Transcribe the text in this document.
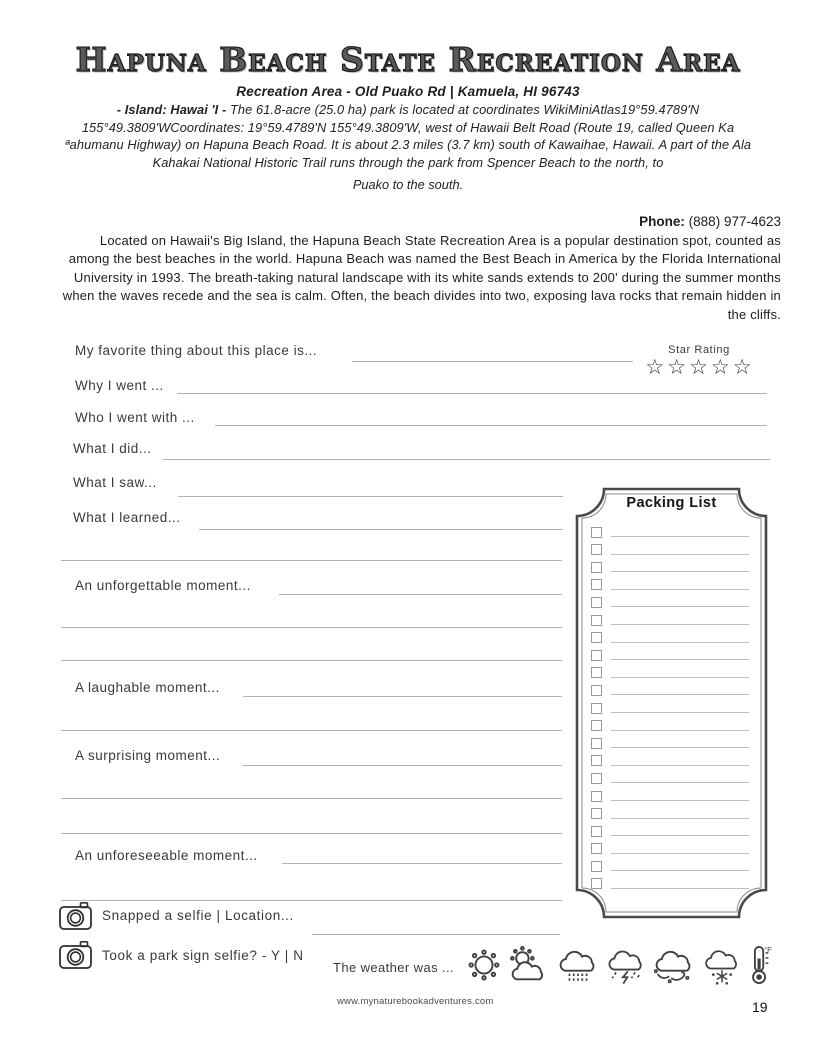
Hapuna Beach State Recreation Area
Recreation Area - Old Puako Rd | Kamuela, HI 96743
- Island: Hawai 'I - The 61.8-acre (25.0 ha) park is located at coordinates WikiMiniAtlas19°59.4789'N 155°49.3809'WCoordinates: 19°59.4789'N 155°49.3809'W, west of Hawaii Belt Road (Route 19, called Queen Ka ªahumanu Highway) on Hapuna Beach Road. It is about 2.3 miles (3.7 km) south of Kawaihae, Hawaii. A part of the Ala Kahakai National Historic Trail runs through the park from Spencer Beach to the north, to
Puako to the south.
Phone: (888) 977-4623
Located on Hawaii's Big Island, the Hapuna Beach State Recreation Area is a popular destination spot, counted as among the best beaches in the world. Hapuna Beach was named the Best Beach in America by the Florida International University in 1993. The breath-taking natural landscape with its white sands extends to 200' during the summer months when the waves recede and the sea is calm. Often, the beach divides into two, exposing lava rocks that remain hidden in the cliffs.
My favorite thing about this place is...	Star Rating
☆☆☆☆☆
Why I went ...
Who I went with ...
What I did...
What I saw...
What I learned...
An unforgettable moment...
A laughable moment...
A surprising moment...
An unforeseeable moment...
Packing List
Snapped a selfie | Location...
Took a park sign selfie? - Y | N
The weather was ...
°F
www.mynaturebookadventures.com	19
